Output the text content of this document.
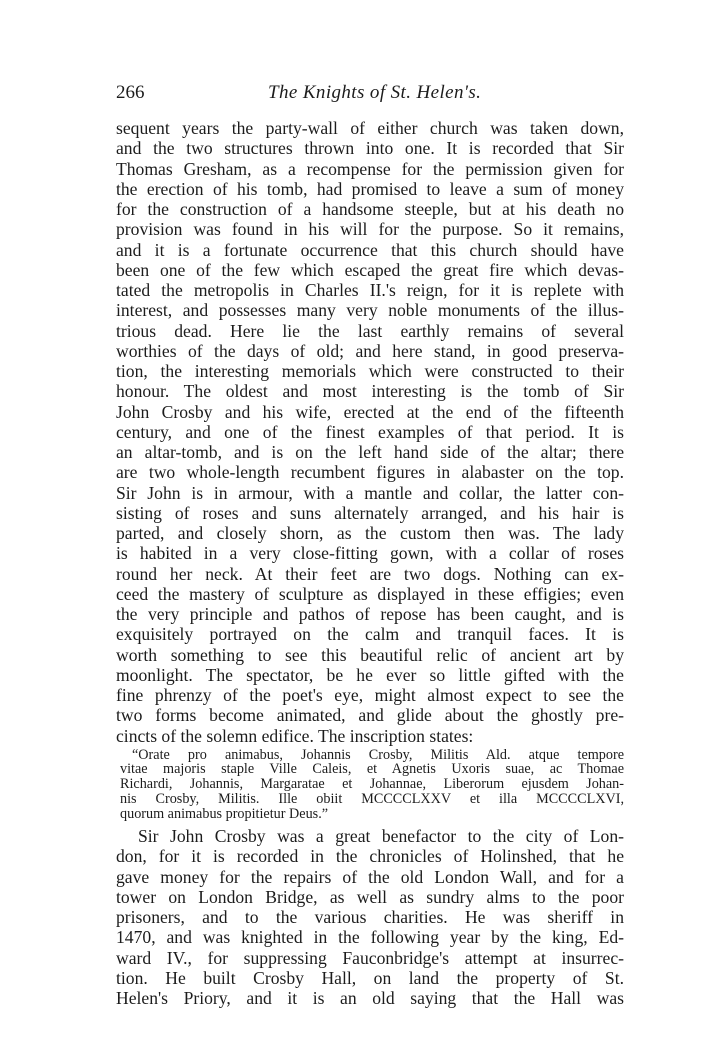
266	The Knights of St. Helen's.
sequent years the party-wall of either church was taken down,
and the two structures thrown into one. It is recorded that Sir
Thomas Gresham, as a recompense for the permission given for
the erection of his tomb, had promised to leave a sum of money
for the construction of a handsome steeple, but at his death no
provision was found in his will for the purpose. So it remains,
and it is a fortunate occurrence that this church should have
been one of the few which escaped the great fire which devas-
tated the metropolis in Charles II.'s reign, for it is replete with
interest, and possesses many very noble monuments of the illus-
trious dead. Here lie the last earthly remains of several
worthies of the days of old; and here stand, in good preserva-
tion, the interesting memorials which were constructed to their
honour. The oldest and most interesting is the tomb of Sir
John Crosby and his wife, erected at the end of the fifteenth
century, and one of the finest examples of that period. It is
an altar-tomb, and is on the left hand side of the altar; there
are two whole-length recumbent figures in alabaster on the top.
Sir John is in armour, with a mantle and collar, the latter con-
sisting of roses and suns alternately arranged, and his hair is
parted, and closely shorn, as the custom then was. The lady
is habited in a very close-fitting gown, with a collar of roses
round her neck. At their feet are two dogs. Nothing can ex-
ceed the mastery of sculpture as displayed in these effigies; even
the very principle and pathos of repose has been caught, and is
exquisitely portrayed on the calm and tranquil faces. It is
worth something to see this beautiful relic of ancient art by
moonlight. The spectator, be he ever so little gifted with the
fine phrenzy of the poet's eye, might almost expect to see the
two forms become animated, and glide about the ghostly pre-
cincts of the solemn edifice. The inscription states:
“Orate pro animabus, Johannis Crosby, Militis Ald. atque tempore
vitae majoris staple Ville Caleis, et Agnetis Uxoris suae, ac Thomae
Richardi, Johannis, Margaratae et Johannae, Liberorum ejusdem Johan-
nis Crosby, Militis. Ille obiit MCCCCLXXV et illa MCCCCLXVI,
quorum animabus propitietur Deus.”
Sir John Crosby was a great benefactor to the city of Lon-
don, for it is recorded in the chronicles of Holinshed, that he
gave money for the repairs of the old London Wall, and for a
tower on London Bridge, as well as sundry alms to the poor
prisoners, and to the various charities. He was sheriff in
1470, and was knighted in the following year by the king, Ed-
ward IV., for suppressing Fauconbridge's attempt at insurrec-
tion. He built Crosby Hall, on land the property of St.
Helen's Priory, and it is an old saying that the Hall was
